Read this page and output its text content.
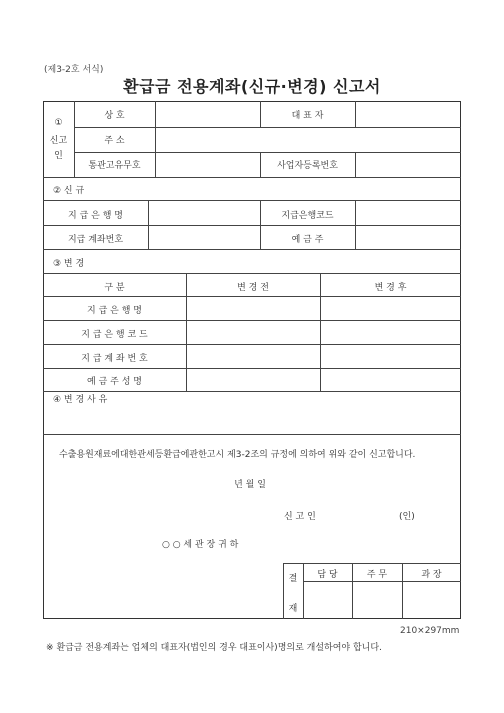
(제3-2호 서식)
환급금 전용계좌(신규·변경) 신고서
①
신고
인
상 호	대 표 자
주 소
통관고유무호	사업자등록번호
② 신 규
지 급 은 행 명	지급은행코드
지급 계좌번호	예 금 주
③ 변 경
구 분	변 경 전	변 경 후
지 급 은 행 명
지 급 은 행 코 드
지 급 계 좌 번 호
예 금 주 성 명
④ 변 경 사 유
수출용원재료에대한관세등환급에관한고시 제3-2조의 규정에 의하여 위와 같이 신고합니다.
년 월 일
신 고 인	(인)
○ ○ 세 관 장 귀 하
결
재
담 당	주 무	과 장
210×297mm
※ 환급금 전용계좌는 업체의 대표자(법인의 경우 대표이사)명의로 개설하여야 합니다.
